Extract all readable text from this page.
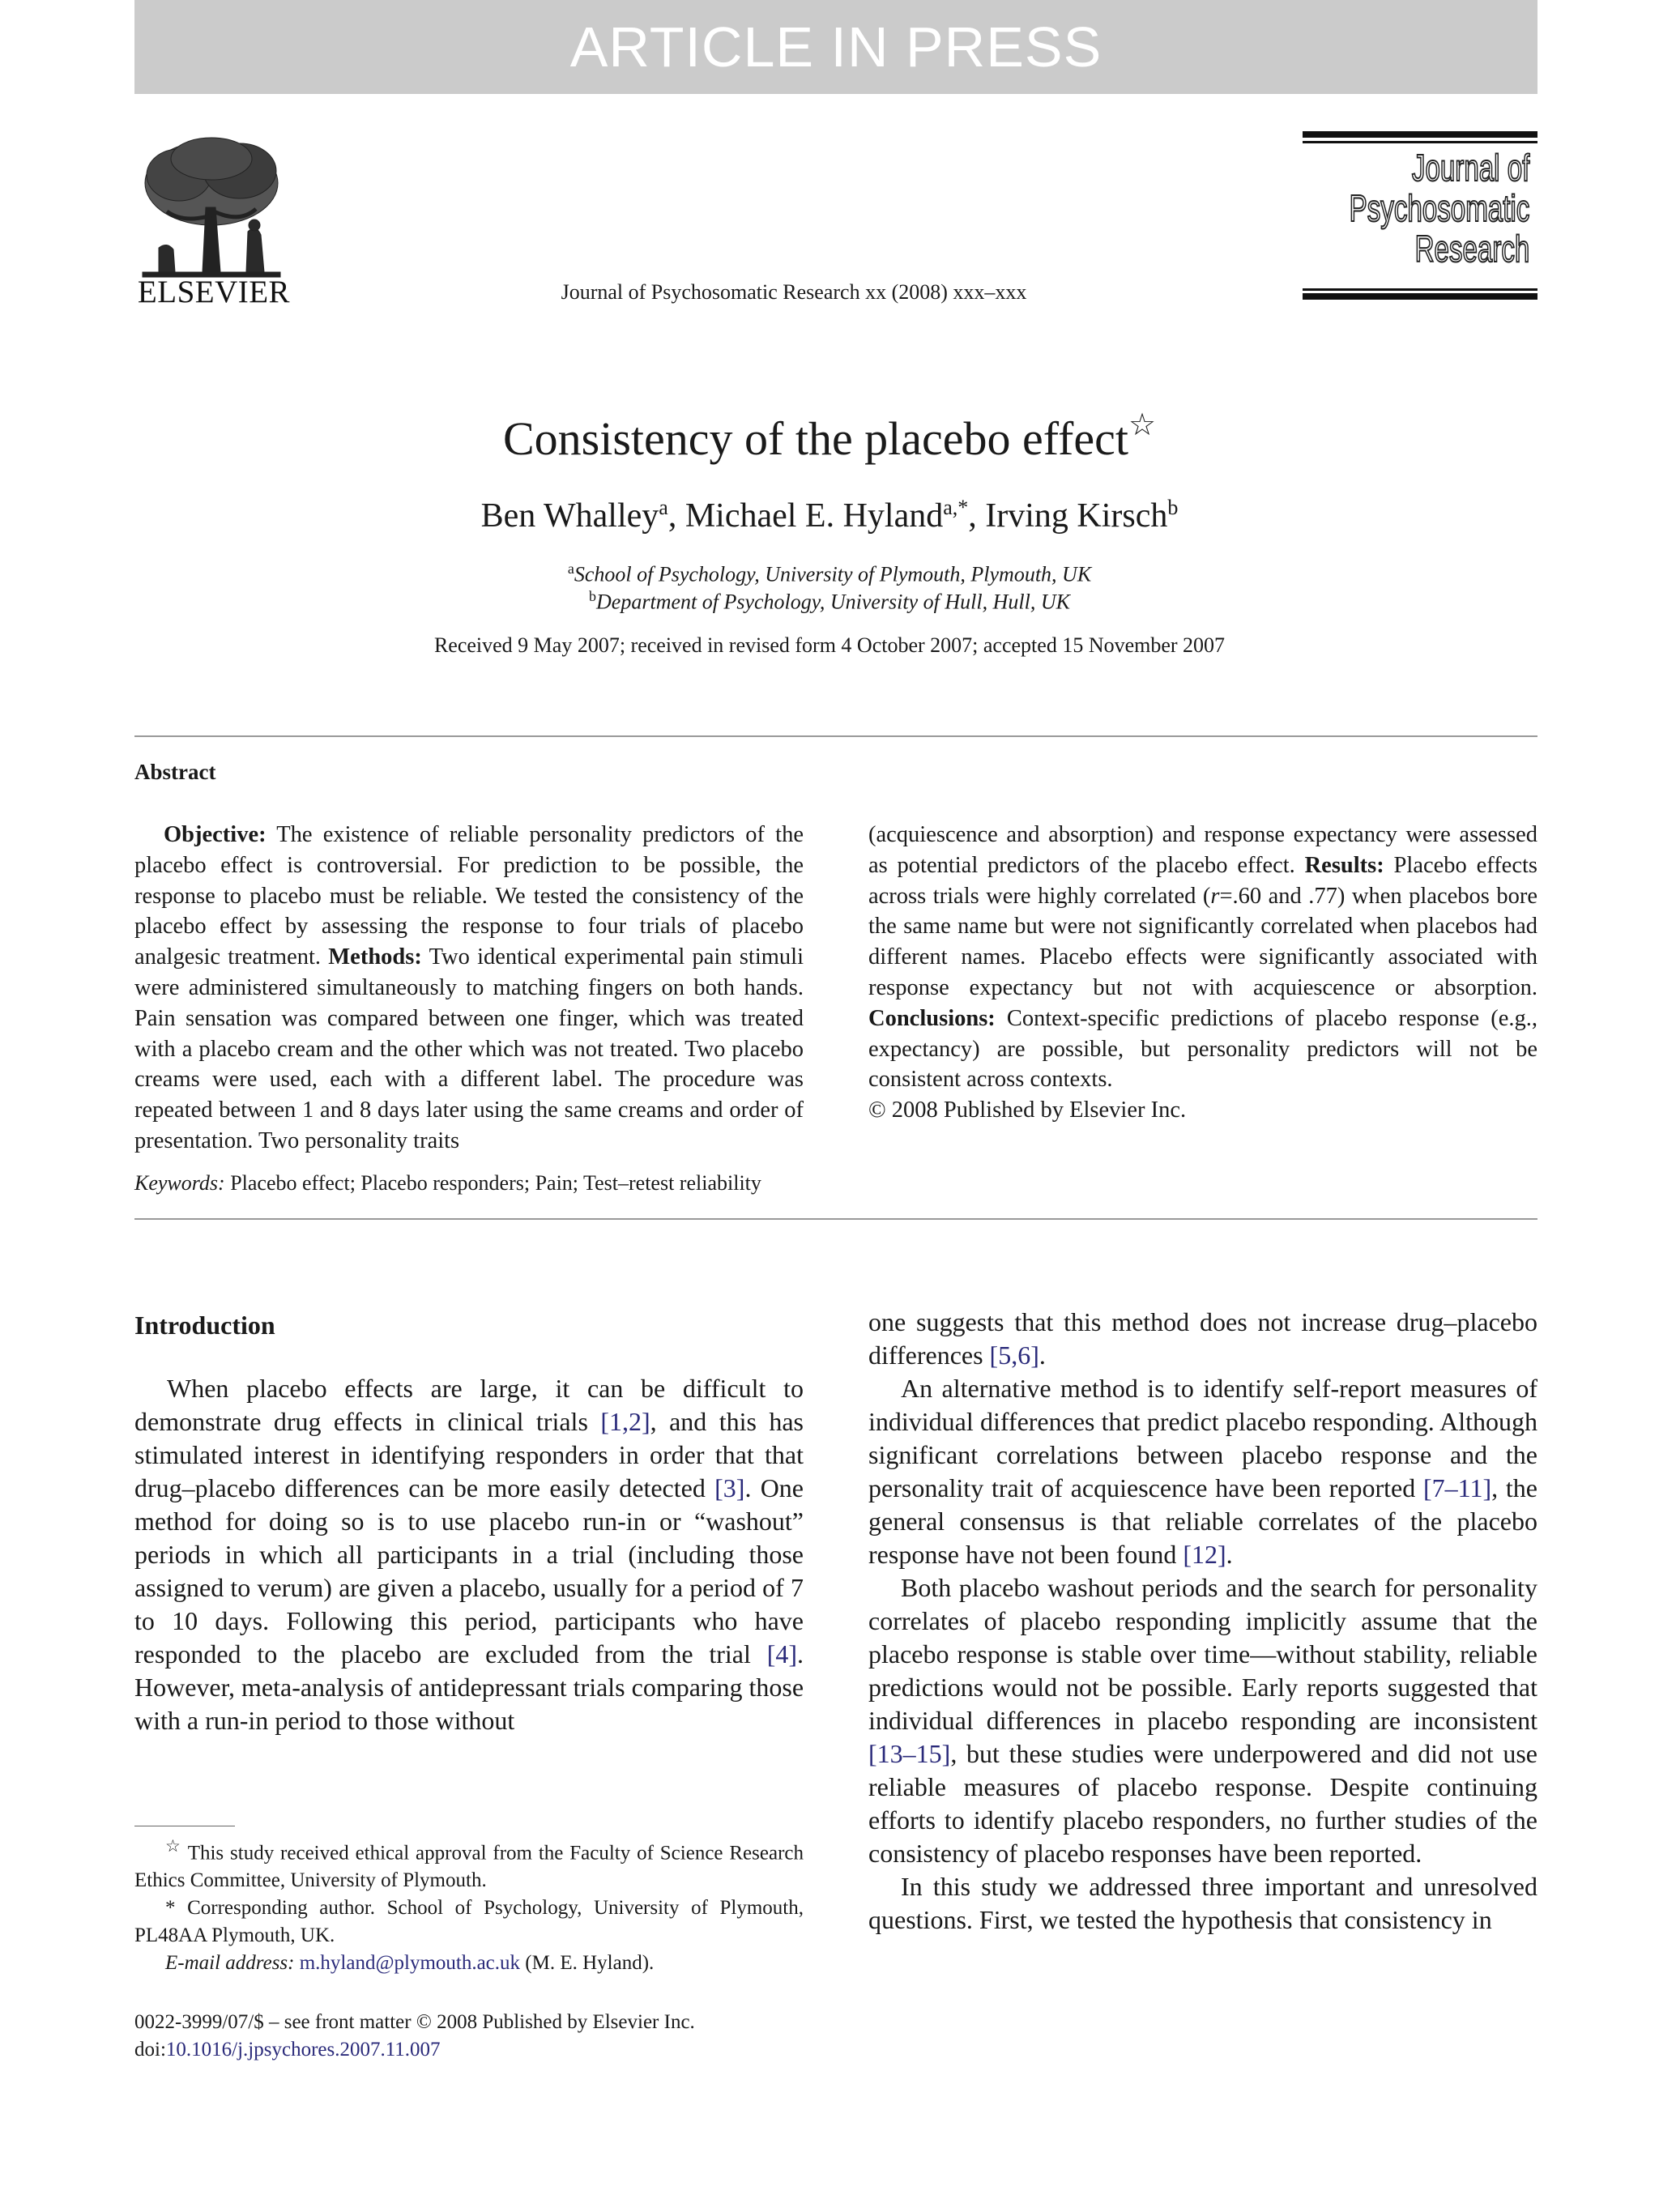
ARTICLE IN PRESS
ELSEVIER	Journal of Psychosomatic Research xx (2008) xxx–xxx
Journal of
Psychosomatic
Research
Consistency of the placebo effect☆
Ben Whalley$^a$, Michael E. Hyland$^{a,*}$, Irving Kirsch$^b$
$^a$School of Psychology, University of Plymouth, Plymouth, UK
$^b$Department of Psychology, University of Hull, Hull, UK
Received 9 May 2007; received in revised form 4 October 2007; accepted 15 November 2007
Abstract

Objective: The existence of reliable personality predictors of the placebo effect is controversial. For prediction to be possible, the response to placebo must be reliable. We tested the consistency of the placebo effect by assessing the response to four trials of placebo analgesic treatment. Methods: Two identical experimental pain stimuli were administered simultaneously to matching fingers on both hands. Pain sensation was compared between one finger, which was treated with a placebo cream and the other which was not treated. Two placebo creams were used, each with a different label. The procedure was repeated between 1 and 8 days later using the same creams and order of presentation. Two personality traits

(acquiescence and absorption) and response expectancy were assessed as potential predictors of the placebo effect. Results: Placebo effects across trials were highly correlated (r=.60 and .77) when placebos bore the same name but were not significantly correlated when placebos had different names. Placebo effects were significantly associated with response expectancy but not with acquiescence or absorption. Conclusions: Context-specific predictions of placebo response (e.g., expectancy) are possible, but personality predictors will not be consistent across contexts.

© 2008 Published by Elsevier Inc.

Keywords: Placebo effect; Placebo responders; Pain; Test–retest reliability
Introduction

When placebo effects are large, it can be difficult to demonstrate drug effects in clinical trials [1,2], and this has stimulated interest in identifying responders in order that that drug–placebo differences can be more easily detected [3]. One method for doing so is to use placebo run-in or “washout” periods in which all participants in a trial (including those assigned to verum) are given a placebo, usually for a period of 7 to 10 days. Following this period, participants who have responded to the placebo are excluded from the trial [4]. However, meta-analysis of antidepressant trials comparing those with a run-in period to those without

one suggests that this method does not increase drug–placebo differences [5,6].

An alternative method is to identify self-report measures of individual differences that predict placebo responding. Although significant correlations between placebo response and the personality trait of acquiescence have been reported [7–11], the general consensus is that reliable correlates of the placebo response have not been found [12].

Both placebo washout periods and the search for personality correlates of placebo responding implicitly assume that the placebo response is stable over time—without stability, reliable predictions would not be possible. Early reports suggested that individual differences in placebo responding are inconsistent [13–15], but these studies were underpowered and did not use reliable measures of placebo response. Despite continuing efforts to identify placebo responders, no further studies of the consistency of placebo responses have been reported.

In this study we addressed three important and unresolved questions. First, we tested the hypothesis that consistency in

☆ This study received ethical approval from the Faculty of Science Research Ethics Committee, University of Plymouth.

* Corresponding author. School of Psychology, University of Plymouth, PL48AA Plymouth, UK.

E-mail address: m.hyland@plymouth.ac.uk (M. E. Hyland).

0022-3999/07/$ – see front matter © 2008 Published by Elsevier Inc.
doi:10.1016/j.jpsychores.2007.11.007
